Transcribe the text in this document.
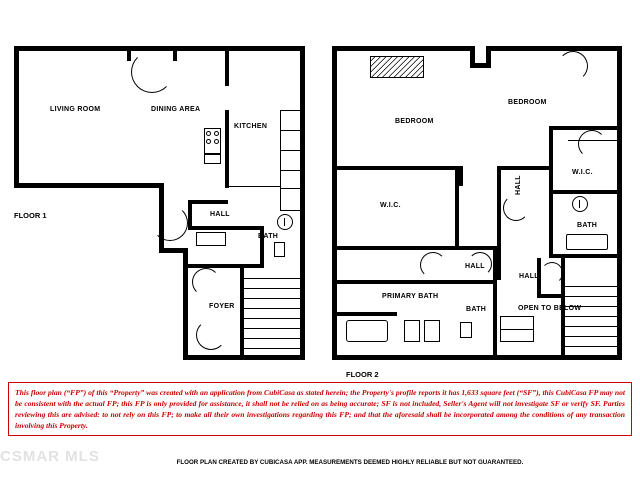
LIVING ROOM	DINING AREA
KITCHEN
HALL
BATH
FOYER
FLOOR 1
BEDROOM
BEDROOM
W.I.C.
W.I.C.
BATH
HALL
HALL
HALL
PRIMARY BATH
BATH	OPEN TO BELOW
FLOOR 2
This floor plan (“FP”) of this “Property” was created with an application from CubiCasa as stated herein; the Property's profile reports it has 1,633 square feet (“SF”), this CubiCasa FP may not be consistent with the actual FP; this FP is only provided for assistance, it shall not be relied on as being accurate; SF is not included, Seller's Agent will not investigate SF or verify SF. Parties reviewing this are advised: to not rely on this FP; to make all their own investigations regarding this FP; and that the aforesaid shall be incorporated among the conditions of any transaction involving this Property.
CSMAR MLS	FLOOR PLAN CREATED BY CUBICASA APP. MEASUREMENTS DEEMED HIGHLY RELIABLE BUT NOT GUARANTEED.
